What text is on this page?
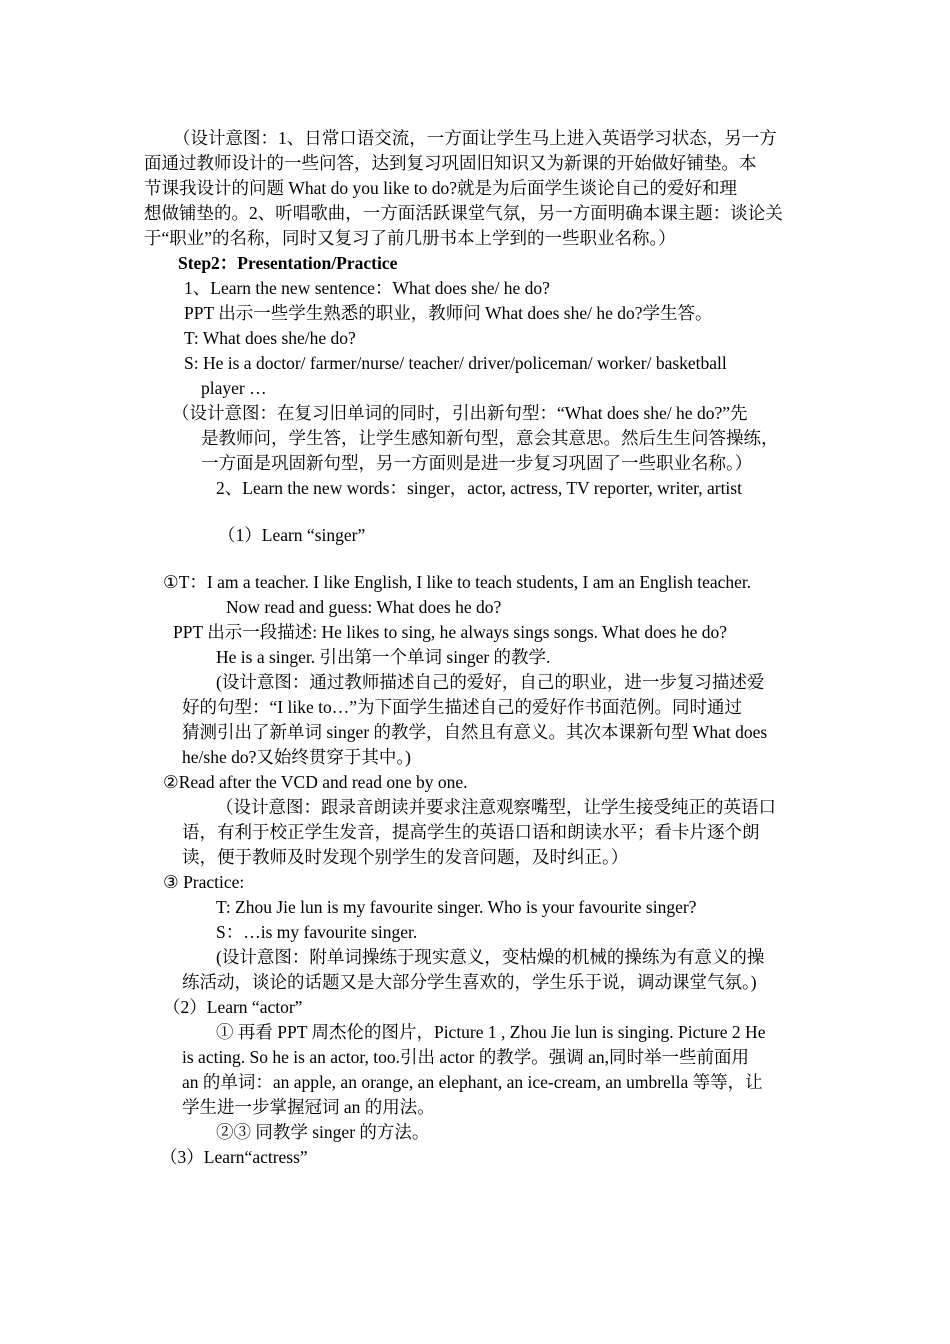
（设计意图：1、日常口语交流，一方面让学生马上进入英语学习状态，另一方

面通过教师设计的一些问答，达到复习巩固旧知识又为新课的开始做好铺垫。本

节课我设计的问题 What do you like to do?就是为后面学生谈论自己的爱好和理

想做铺垫的。2、听唱歌曲，一方面活跃课堂气氛，另一方面明确本课主题：谈论关

于“职业”的名称，同时又复习了前几册书本上学到的一些职业名称。）

Step2：Presentation/Practice

1、Learn the new sentence：What does she/ he do?

PPT 出示一些学生熟悉的职业，教师问 What does she/ he do?学生答。

T: What does she/he do?

S: He is a doctor/ farmer/nurse/ teacher/ driver/policeman/ worker/ basketball

player …

（设计意图：在复习旧单词的同时，引出新句型：“What does she/ he do?”先

是教师问，学生答，让学生感知新句型，意会其意思。然后生生问答操练，

一方面是巩固新句型，另一方面则是进一步复习巩固了一些职业名称。）

2、Learn the new words：singer，actor, actress, TV reporter, writer, artist

（1）Learn “singer”

①T：I am a teacher. I like English, I like to teach students, I am an English teacher.

Now read and guess: What does he do?

PPT 出示一段描述: He likes to sing, he always sings songs. What does he do?

He is a singer. 引出第一个单词 singer 的教学.

(设计意图：通过教师描述自己的爱好，自己的职业，进一步复习描述爱

好的句型：“I like to…”为下面学生描述自己的爱好作书面范例。同时通过

猜测引出了新单词 singer 的教学，自然且有意义。其次本课新句型 What does

he/she do?又始终贯穿于其中。)

②Read after the VCD and read one by one.

（设计意图：跟录音朗读并要求注意观察嘴型，让学生接受纯正的英语口

语，有利于校正学生发音，提高学生的英语口语和朗读水平；看卡片逐个朗

读，便于教师及时发现个别学生的发音问题，及时纠正。）

③ Practice:

T: Zhou Jie lun is my favourite singer. Who is your favourite singer?

S：…is my favourite singer.

(设计意图：附单词操练于现实意义，变枯燥的机械的操练为有意义的操

练活动，谈论的话题又是大部分学生喜欢的，学生乐于说，调动课堂气氛。)

（2）Learn “actor”

① 再看 PPT 周杰伦的图片，Picture 1 , Zhou Jie lun is singing. Picture 2 He

is acting. So he is an actor, too.引出 actor 的教学。强调 an,同时举一些前面用

an 的单词：an apple, an orange, an elephant, an ice-cream, an umbrella 等等，让

学生进一步掌握冠词 an 的用法。

②③ 同教学 singer 的方法。

（3）Learn“actress”
